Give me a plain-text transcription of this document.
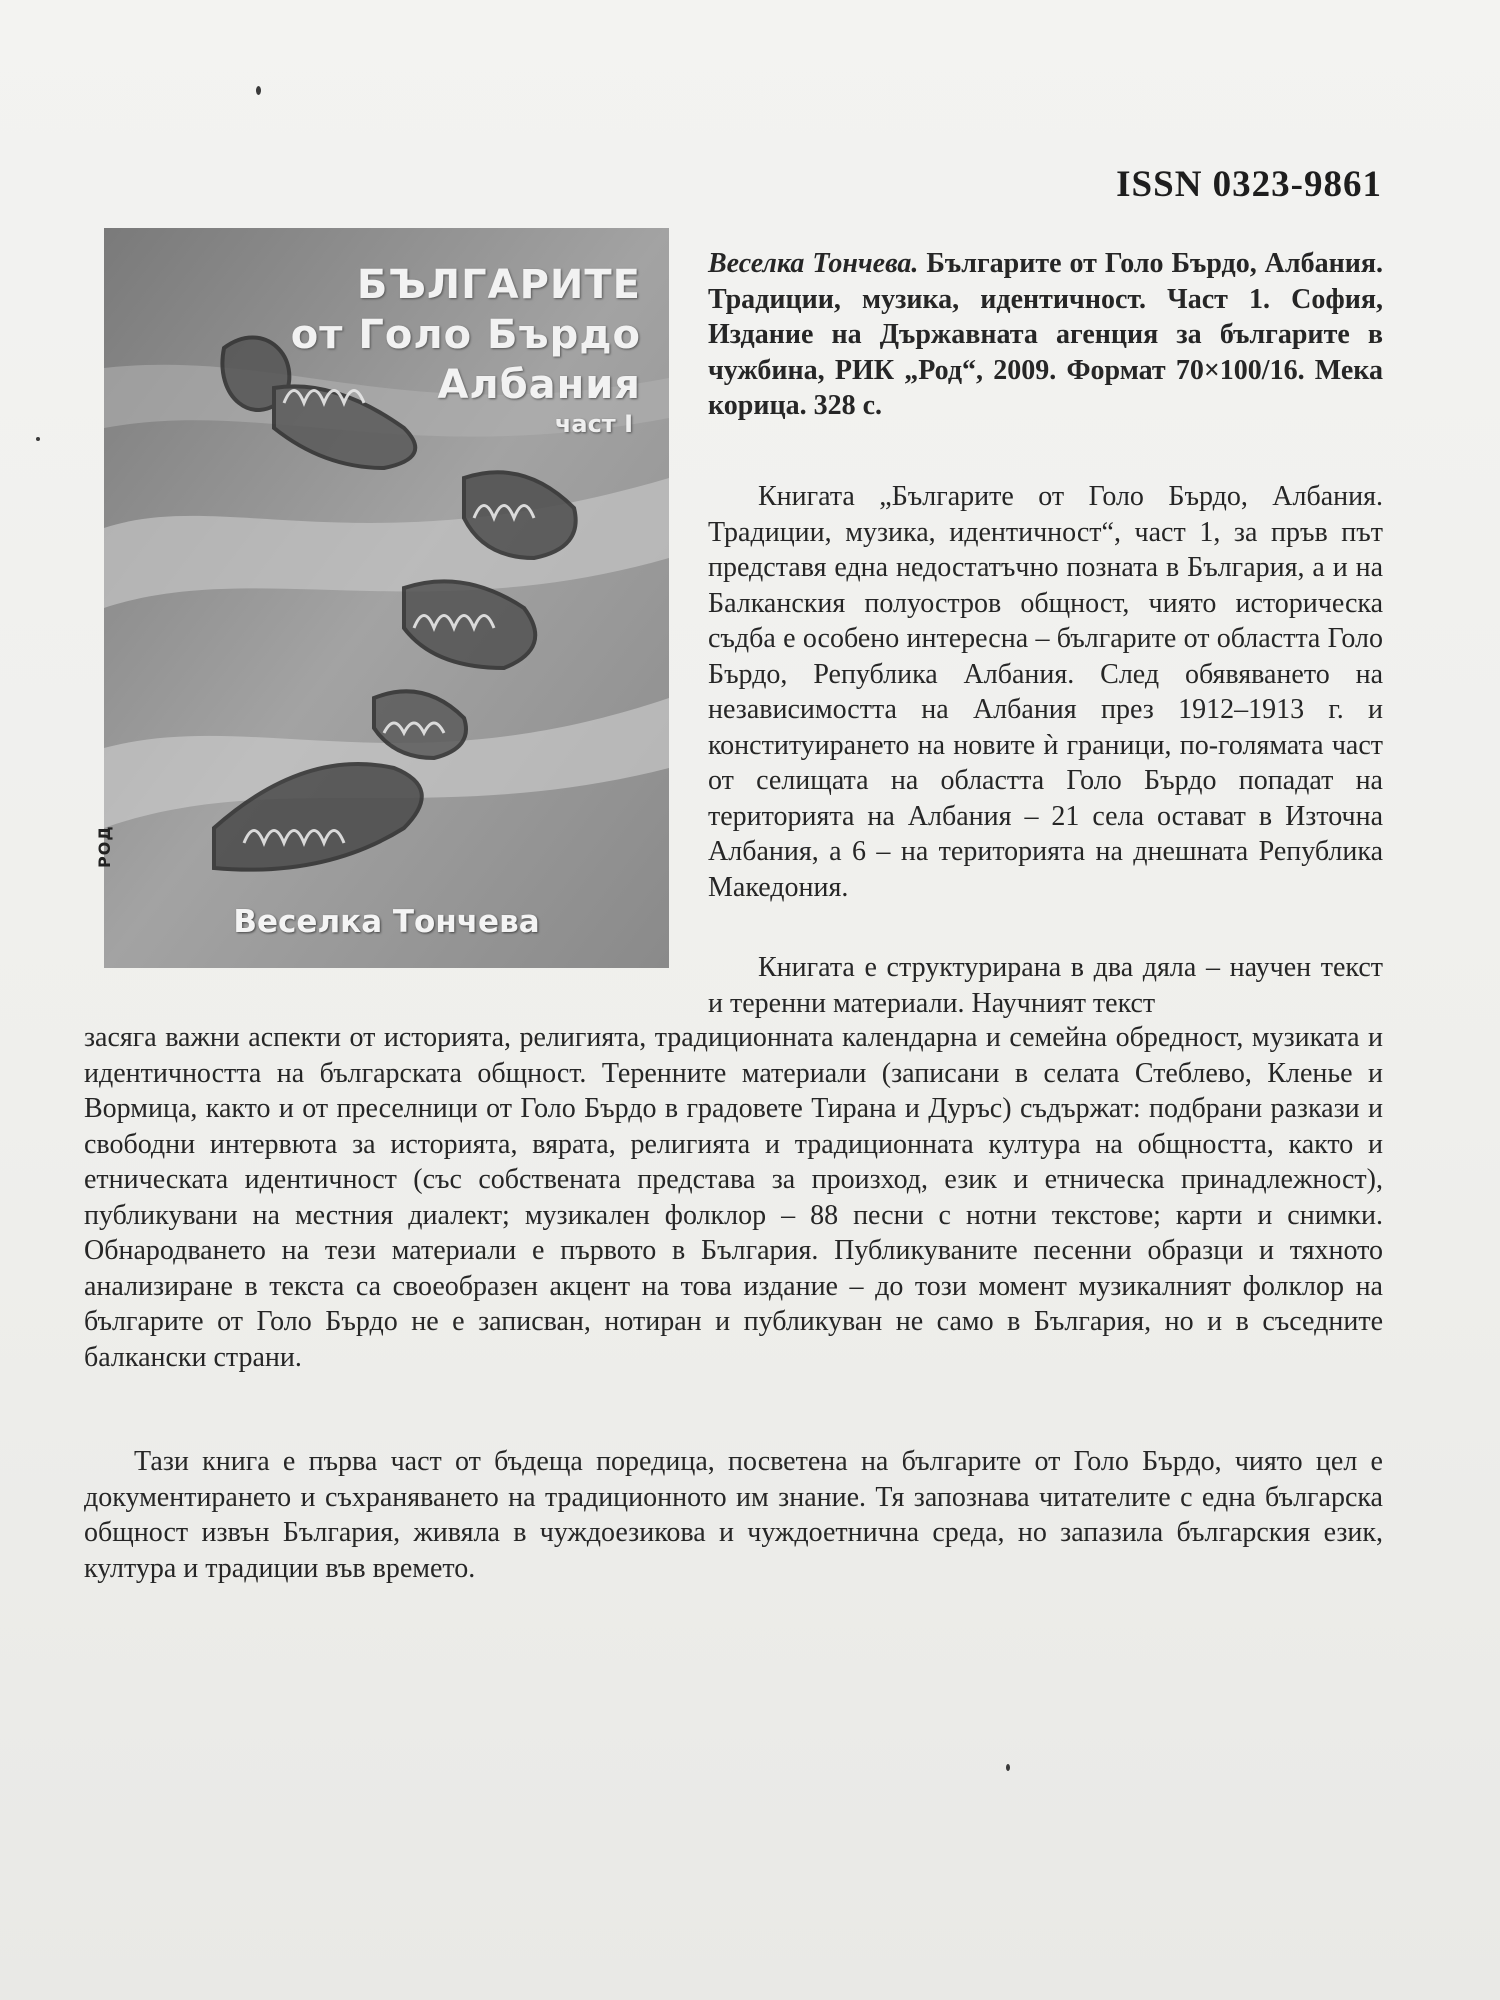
ISSN 0323-9861
БЪЛГАРИТЕ
от Голо Бърдо
Албания
част I
РОД
Веселка Тончева
Веселка Тончева. Българите от Голо Бърдо, Албания. Традиции, музика, идентичност. Част 1. София, Издание на Държавната агенция за българите в чужбина, РИК „Род“, 2009. Формат 70×100/16. Мека корица. 328 с.
Книгата „Българите от Голо Бърдо, Албания. Традиции, музика, идентичност“, част 1, за пръв път представя една недостатъчно позната в България, а и на Балканския полуостров общност, чиято историческа съдба е особено интересна – българите от областта Голо Бърдо, Република Албания. След обявяването на независимостта на Албания през 1912–1913 г. и конституирането на новите ѝ граници, по-голямата част от селищата на областта Голо Бърдо попадат на територията на Албания – 21 села остават в Източна Албания, а 6 – на територията на днешната Република Македония.
Книгата е структурирана в два дяла – научен текст и теренни материали. Научният текст
засяга важни аспекти от историята, религията, традиционната календарна и семейна обредност, музиката и идентичността на българската общност. Теренните материали (записани в селата Стеблево, Кленье и Вормица, както и от преселници от Голо Бърдо в градовете Тирана и Дуръс) съдържат: подбрани разкази и свободни интервюта за историята, вярата, религията и традиционната култура на общността, както и етническата идентичност (със собствената представа за произход, език и етническа принадлежност), публикувани на местния диалект; музикален фолклор – 88 песни с нотни текстове; карти и снимки. Обнародването на тези материали е първото в България. Публикуваните песенни образци и тяхното анализиране в текста са своеобразен акцент на това издание – до този момент музикалният фолклор на българите от Голо Бърдо не е записван, нотиран и публикуван не само в България, но и в съседните балкански страни.
Тази книга е първа част от бъдеща поредица, посветена на българите от Голо Бърдо, чиято цел е документирането и съхраняването на традиционното им знание. Тя запознава читателите с една българска общност извън България, живяла в чуждоезикова и чуждоетнична среда, но запазила българския език, култура и традиции във времето.
